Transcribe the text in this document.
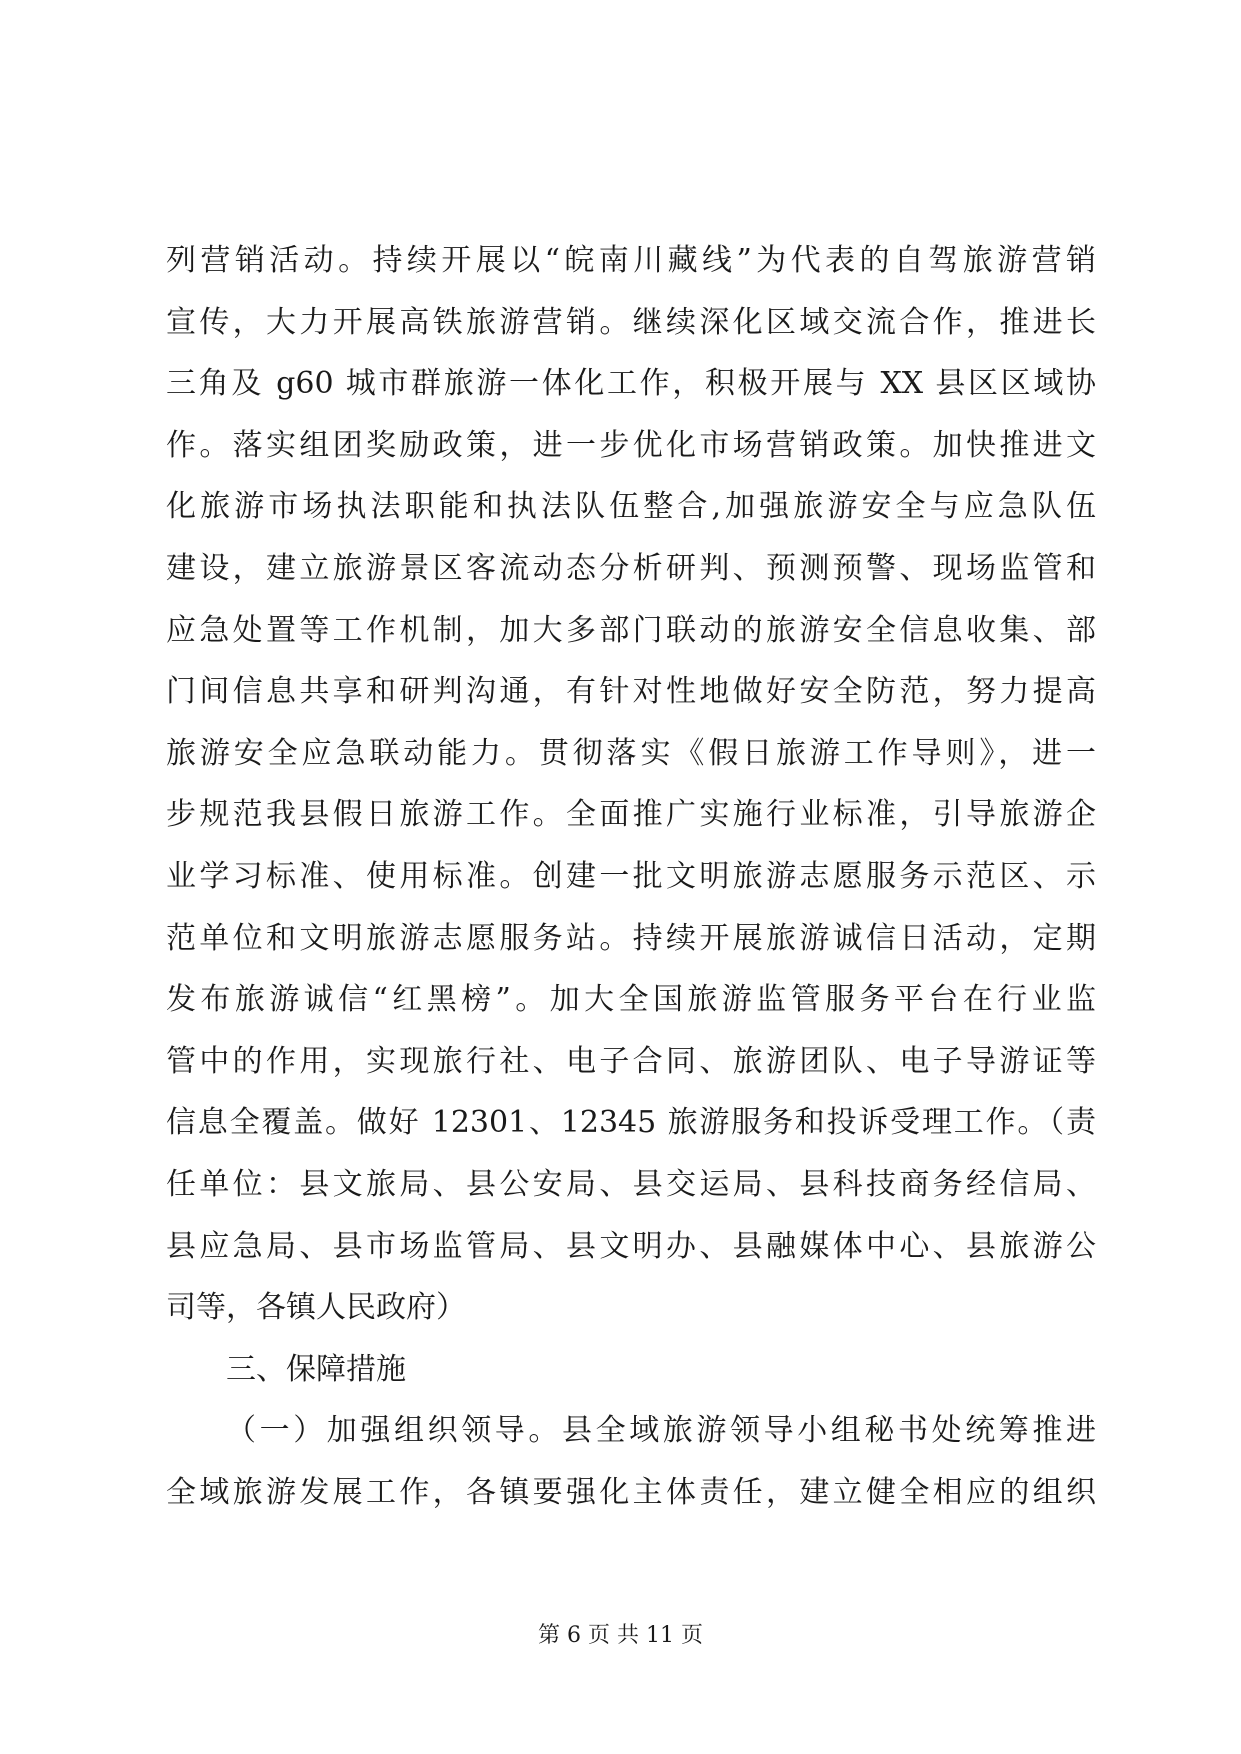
列营销活动。持续开展以“皖南川藏线”为代表的自驾旅游营销
宣传，大力开展高铁旅游营销。继续深化区域交流合作，推进长
三角及 g60 城市群旅游一体化工作，积极开展与 XX 县区区域协
作。落实组团奖励政策，进一步优化市场营销政策。加快推进文
化旅游市场执法职能和执法队伍整合,加强旅游安全与应急队伍
建设，建立旅游景区客流动态分析研判、预测预警、现场监管和
应急处置等工作机制，加大多部门联动的旅游安全信息收集、部
门间信息共享和研判沟通，有针对性地做好安全防范，努力提高
旅游安全应急联动能力。贯彻落实《假日旅游工作导则》，进一
步规范我县假日旅游工作。全面推广实施行业标准，引导旅游企
业学习标准、使用标准。创建一批文明旅游志愿服务示范区、示
范单位和文明旅游志愿服务站。持续开展旅游诚信日活动，定期
发布旅游诚信“红黑榜”。加大全国旅游监管服务平台在行业监
管中的作用，实现旅行社、电子合同、旅游团队、电子导游证等
信息全覆盖。做好 12301、12345 旅游服务和投诉受理工作。（责
任单位：县文旅局、县公安局、县交运局、县科技商务经信局、
县应急局、县市场监管局、县文明办、县融媒体中心、县旅游公
司等，各镇人民政府）
三、保障措施
（一）加强组织领导。县全域旅游领导小组秘书处统筹推进
全域旅游发展工作，各镇要强化主体责任，建立健全相应的组织
第 6 页 共 11 页
